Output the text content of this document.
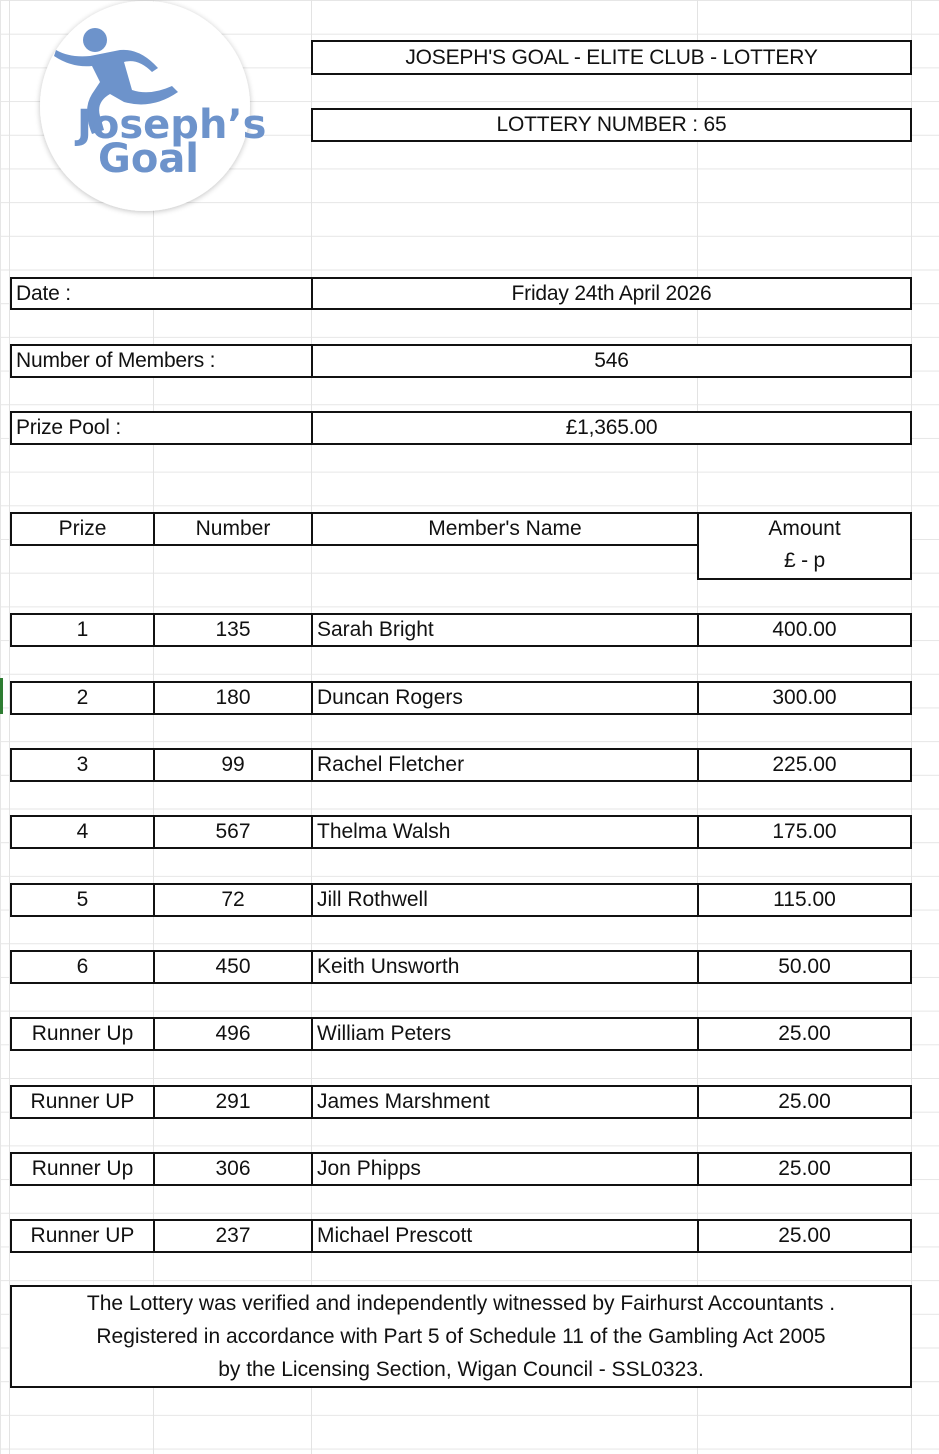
Joseph’s
Goal
JOSEPH'S GOAL - ELITE CLUB - LOTTERY
LOTTERY NUMBER : 65
Date :	Friday 24th April 2026
Number of Members :	546
Prize Pool :	£1,365.00
Prize	Number	Member's Name	Amount
£ - p
1	135	Sarah Bright	400.00
2	180	Duncan Rogers	300.00
3	99	Rachel Fletcher	225.00
4	567	Thelma Walsh	175.00
5	72	Jill Rothwell	115.00
6	450	Keith Unsworth	50.00
Runner Up	496	William Peters	25.00
Runner UP	291	James Marshment	25.00
Runner Up	306	Jon Phipps	25.00
Runner UP	237	Michael Prescott	25.00
The Lottery was verified and independently witnessed by Fairhurst Accountants .
Registered in accordance with Part 5 of Schedule 11 of the Gambling Act 2005
by the Licensing Section, Wigan Council - SSL0323.
